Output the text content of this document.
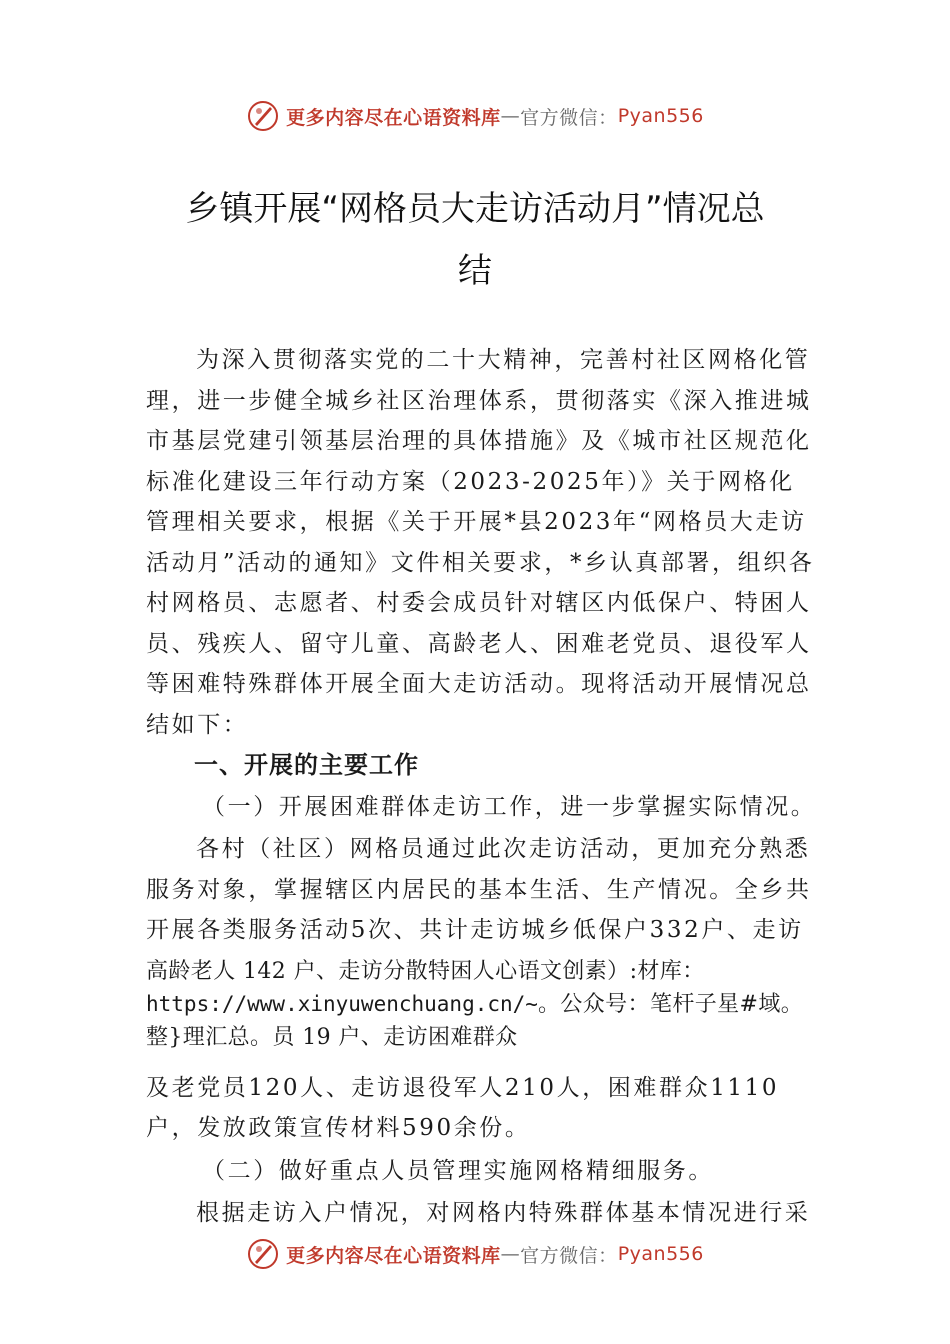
更多内容尽在心语资料库 — 官方微信： Pyan556
乡镇开展“网格员大走访活动月”情况总
结

为深入贯彻落实党的二十大精神，完善村社区网格化管理，进一步健全城乡社区治理体系，贯彻落实《深入推进城市基层党建引领基层治理的具体措施》及《城市社区规范化标准化建设三年行动方案（2023-2025年）》关于网格化管理相关要求，根据《关于开展*县2023年“网格员大走访活动月”活动的通知》文件相关要求，*乡认真部署，组织各村网格员、志愿者、村委会成员针对辖区内低保户、特困人员、残疾人、留守儿童、高龄老人、困难老党员、退役军人等困难特殊群体开展全面大走访活动。现将活动开展情况总结如下：

一、开展的主要工作

（一）开展困难群体走访工作，进一步掌握实际情况。

各村（社区）网格员通过此次走访活动，更加充分熟悉服务对象，掌握辖区内居民的基本生活、生产情况。全乡共开展各类服务活动5次、共计走访城乡低保户332户、走访

高龄老人 142 户、走访分散特困人心语文创素）:材库：
https://www.xinyuwenchuang.cn/~。公众号：笔杆子星#域。整}理汇总。员 19 户、走访困难群众

及老党员120人、走访退役军人210人，困难群众1110户，发放政策宣传材料590余份。

（二）做好重点人员管理实施网格精细服务。

根据走访入户情况，对网格内特殊群体基本情况进行采

更多内容尽在心语资料库 — 官方微信： Pyan556
